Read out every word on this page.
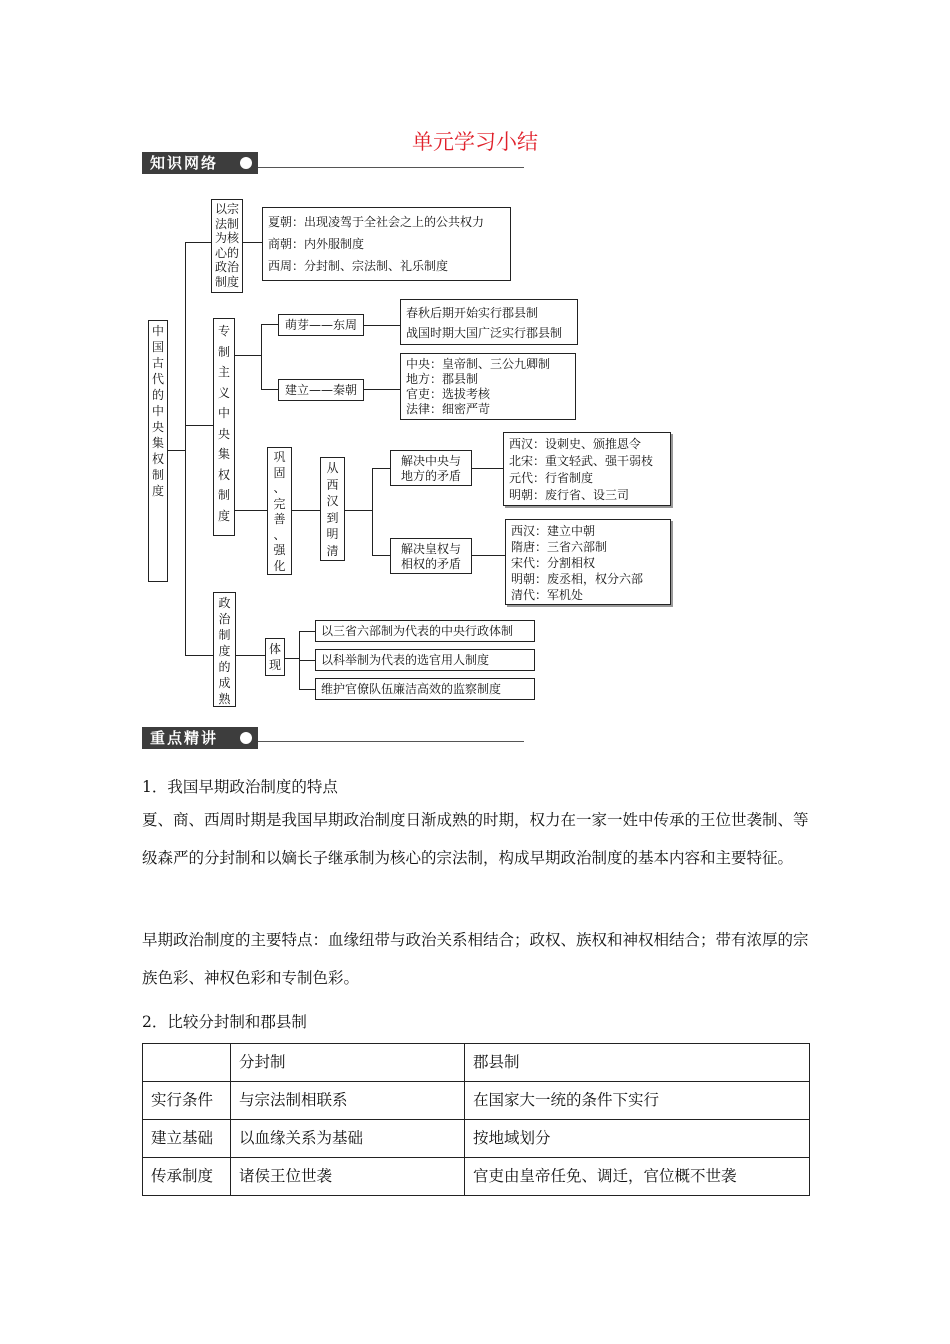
单元学习小结
知识网络
中
国
古
代
的
中
央
集
权
制
度
以宗
法制
为核
心的
政治
制度
夏朝：出现凌驾于全社会之上的公共权力
商朝：内外服制度
西周：分封制、宗法制、礼乐制度
专
制
主
义
中
央
集
权
制
度
萌芽——东周
春秋后期开始实行郡县制
战国时期大国广泛实行郡县制
建立——秦朝
中央：皇帝制、三公九卿制
地方：郡县制
官吏：选拔考核
法律：细密严苛
巩
固
、
完
善
、
强
化
从
西
汉
到
明
清
解决中央与
地方的矛盾
西汉：设刺史、颁推恩令
北宋：重文轻武、强干弱枝
元代：行省制度
明朝：废行省、设三司
解决皇权与
相权的矛盾
西汉：建立中朝
隋唐：三省六部制
宋代：分割相权
明朝：废丞相，权分六部
清代：军机处
政
治
制
度
的
成
熟
体
现
以三省六部制为代表的中央行政体制
以科举制为代表的选官用人制度
维护官僚队伍廉洁高效的监察制度
重点精讲
1．我国早期政治制度的特点
夏、商、西周时期是我国早期政治制度日渐成熟的时期，权力在一家一姓中传承的王位世袭制、等级森严的分封制和以嫡长子继承制为核心的宗法制，构成早期政治制度的基本内容和主要特征。
早期政治制度的主要特点：血缘纽带与政治关系相结合；政权、族权和神权相结合；带有浓厚的宗族色彩、神权色彩和专制色彩。
2．比较分封制和郡县制
	分封制	郡县制
实行条件	与宗法制相联系	在国家大一统的条件下实行
建立基础	以血缘关系为基础	按地域划分
传承制度	诸侯王位世袭	官吏由皇帝任免、调迁，官位概不世袭
